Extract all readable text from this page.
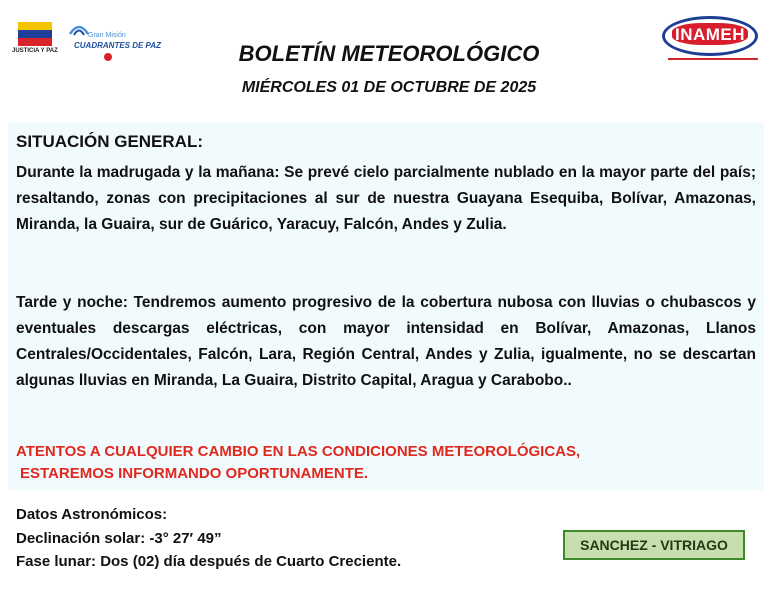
JUSTICIA Y PAZ
Gran Misión
CUADRANTES DE PAZ
INAMEH
BOLETÍN METEOROLÓGICO
MIÉRCOLES 01 DE OCTUBRE DE 2025
SITUACIÓN GENERAL:

Durante la madrugada y la mañana: Se prevé cielo parcialmente nublado en la mayor parte del país; resaltando, zonas con precipitaciones al sur de nuestra Guayana Esequiba, Bolívar, Amazonas, Miranda, la Guaira, sur de Guárico, Yaracuy, Falcón, Andes y Zulia.

Tarde y noche: Tendremos aumento progresivo de la cobertura nubosa con lluvias o chubascos y eventuales descargas eléctricas, con mayor intensidad en Bolívar, Amazonas, Llanos Centrales/Occidentales, Falcón, Lara, Región Central, Andes y Zulia, igualmente, no se descartan algunas lluvias en Miranda, La Guaira, Distrito Capital, Aragua y Carabobo..

ATENTOS A CUALQUIER CAMBIO EN LAS CONDICIONES METEOROLÓGICAS,
ESTAREMOS INFORMANDO OPORTUNAMENTE.
Datos Astronómicos:
Declinación solar: -3° 27′ 49”
Fase lunar: Dos (02) día después de Cuarto Creciente.
SANCHEZ - VITRIAGO
